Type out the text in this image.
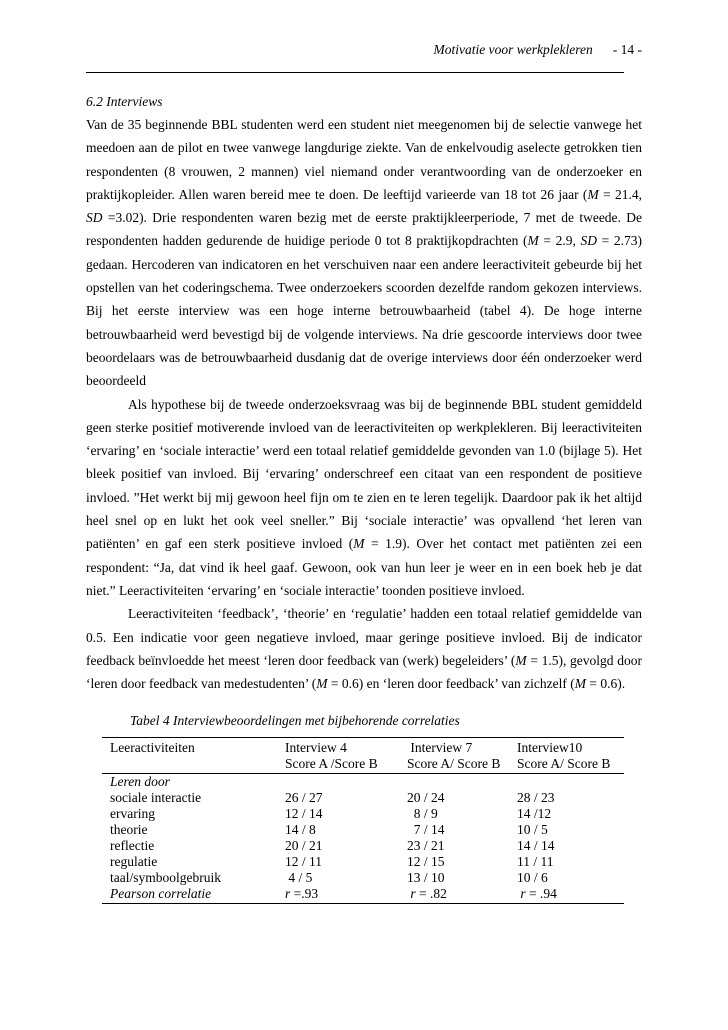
Motivatie voor werkplekleren - 14 -
6.2 Interviews

Van de 35 beginnende BBL studenten werd een student niet meegenomen bij de selectie vanwege het meedoen aan de pilot en twee vanwege langdurige ziekte. Van de enkelvoudig aselecte getrokken tien respondenten (8 vrouwen, 2 mannen) viel niemand onder verantwoording van de onderzoeker en praktijkopleider. Allen waren bereid mee te doen. De leeftijd varieerde van 18 tot 26 jaar (M = 21.4, SD =3.02). Drie respondenten waren bezig met de eerste praktijkleerperiode, 7 met de tweede. De respondenten hadden gedurende de huidige periode 0 tot 8 praktijkopdrachten (M = 2.9, SD = 2.73) gedaan. Hercoderen van indicatoren en het verschuiven naar een andere leeractiviteit gebeurde bij het opstellen van het coderingschema. Twee onderzoekers scoorden dezelfde random gekozen interviews. Bij het eerste interview was een hoge interne betrouwbaarheid (tabel 4). De hoge interne betrouwbaarheid werd bevestigd bij de volgende interviews. Na drie gescoorde interviews door twee beoordelaars was de betrouwbaarheid dusdanig dat de overige interviews door één onderzoeker werd beoordeeld

Als hypothese bij de tweede onderzoeksvraag was bij de beginnende BBL student gemiddeld geen sterke positief motiverende invloed van de leeractiviteiten op werkplekleren. Bij leeractiviteiten ‘ervaring’ en ‘sociale interactie’ werd een totaal relatief gemiddelde gevonden van 1.0 (bijlage 5). Het bleek positief van invloed. Bij ‘ervaring’ onderschreef een citaat van een respondent de positieve invloed. ”Het werkt bij mij gewoon heel fijn om te zien en te leren tegelijk. Daardoor pak ik het altijd heel snel op en lukt het ook veel sneller.” Bij ‘sociale interactie’ was opvallend ‘het leren van patiënten’ en gaf een sterk positieve invloed (M = 1.9). Over het contact met patiënten zei een respondent: “Ja, dat vind ik heel gaaf. Gewoon, ook van hun leer je weer en in een boek heb je dat niet.” Leeractiviteiten ‘ervaring’ en ‘sociale interactie’ toonden positieve invloed.

Leeractiviteiten ‘feedback’, ‘theorie’ en ‘regulatie’ hadden een totaal relatief gemiddelde van 0.5. Een indicatie voor geen negatieve invloed, maar geringe positieve invloed. Bij de indicator feedback beïnvloedde het meest ‘leren door feedback van (werk) begeleiders’ (M = 1.5), gevolgd door ‘leren door feedback van medestudenten’ (M = 0.6) en ‘leren door feedback’ van zichzelf (M = 0.6).

Tabel 4 Interviewbeoordelingen met bijbehorende correlaties
Leeractiviteiten	Interview 4	Interview 7	Interview10
	Score A /Score B	Score A/ Score B	Score A/ Score B
Leren door			
sociale interactie	26 / 27	20 / 24	28 / 23
ervaring	12 / 14	8 / 9	14 /12
theorie	14 / 8	7 / 14	10 / 5
reflectie	20 / 21	23 / 21	14 / 14
regulatie	12 / 11	12 / 15	11 / 11
taal/symboolgebruik	4 / 5	13 / 10	10 / 6
Pearson correlatie	r =.93	r = .82	r = .94
